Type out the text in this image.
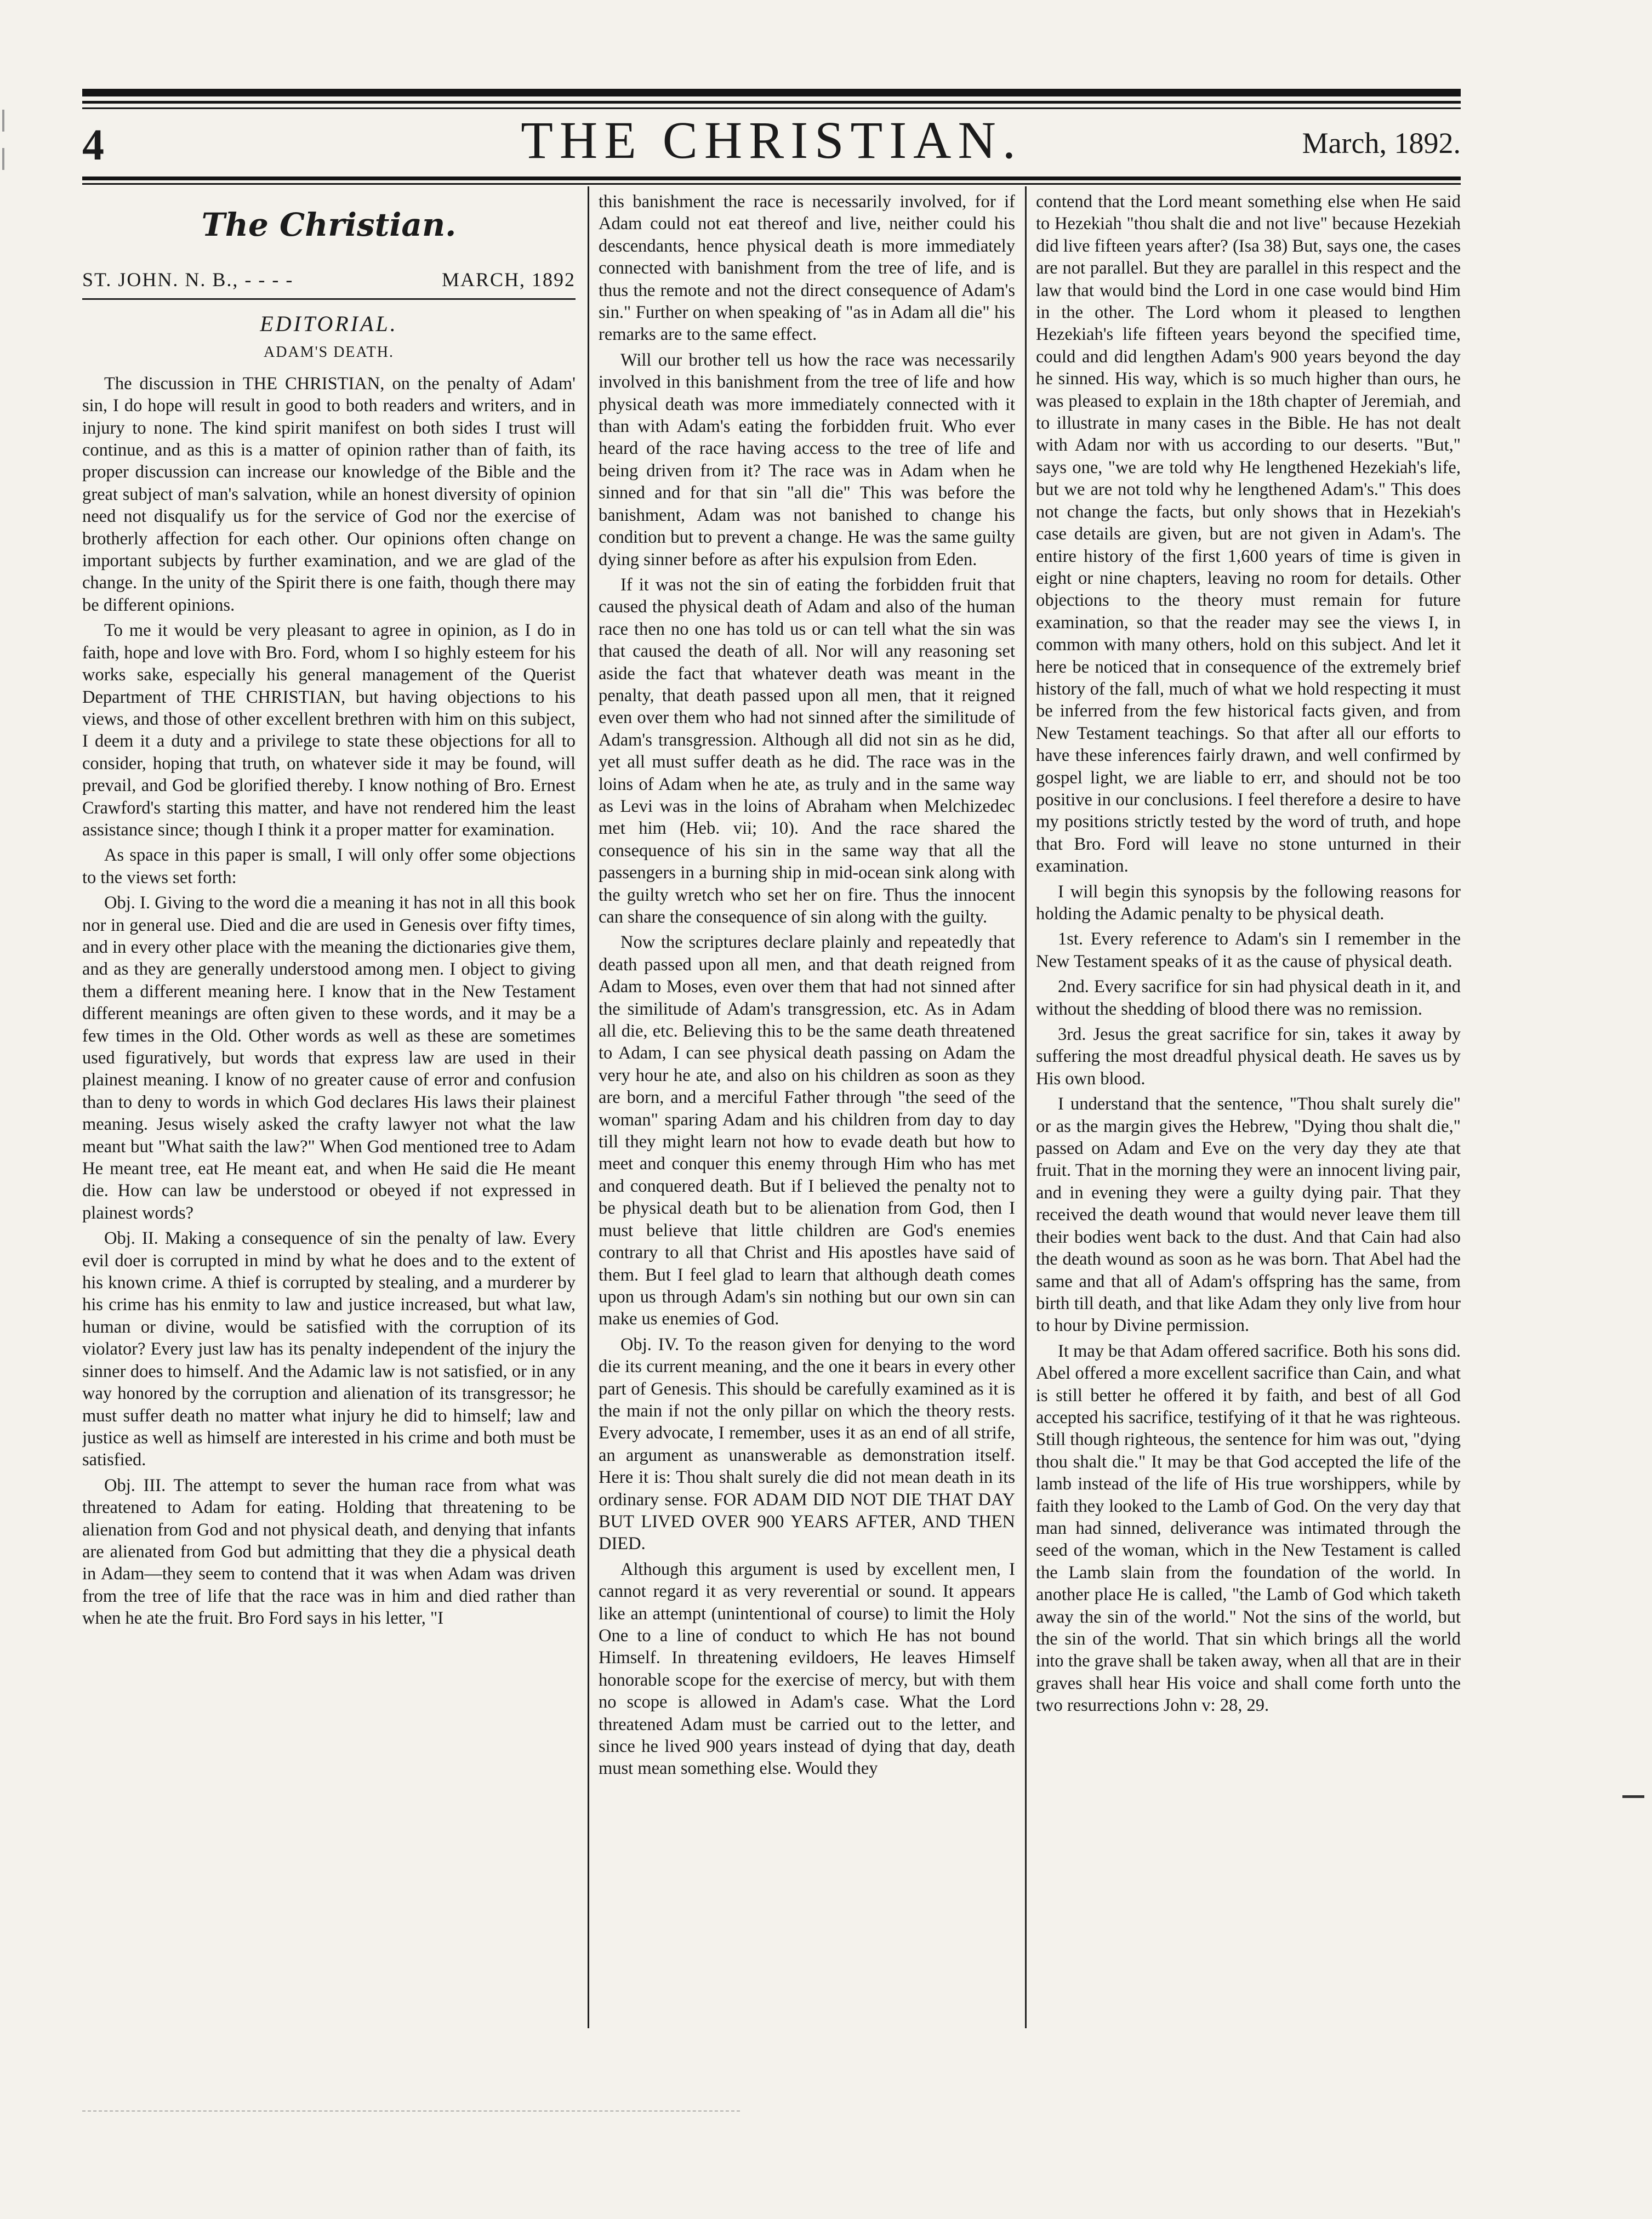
4	THE CHRISTIAN.	March, 1892.
The Christian.
ST. JOHN. N. B., - - - -	MARCH, 1892
EDITORIAL.
ADAM'S DEATH.

The discussion in THE CHRISTIAN, on the penalty of Adam' sin, I do hope will result in good to both readers and writers, and in injury to none. The kind spirit manifest on both sides I trust will continue, and as this is a matter of opinion rather than of faith, its proper discussion can increase our knowledge of the Bible and the great subject of man's salvation, while an honest diversity of opinion need not disqualify us for the service of God nor the exercise of brotherly affection for each other. Our opinions often change on important subjects by further examination, and we are glad of the change. In the unity of the Spirit there is one faith, though there may be different opinions.

To me it would be very pleasant to agree in opinion, as I do in faith, hope and love with Bro. Ford, whom I so highly esteem for his works sake, especially his general management of the Querist Department of THE CHRISTIAN, but having objections to his views, and those of other excellent brethren with him on this subject, I deem it a duty and a privilege to state these objections for all to consider, hoping that truth, on whatever side it may be found, will prevail, and God be glorified thereby. I know nothing of Bro. Ernest Crawford's starting this matter, and have not rendered him the least assistance since; though I think it a proper matter for examination.

As space in this paper is small, I will only offer some objections to the views set forth:

Obj. I. Giving to the word die a meaning it has not in all this book nor in general use. Died and die are used in Genesis over fifty times, and in every other place with the meaning the dictionaries give them, and as they are generally understood among men. I object to giving them a different meaning here. I know that in the New Testament different meanings are often given to these words, and it may be a few times in the Old. Other words as well as these are sometimes used figuratively, but words that express law are used in their plainest meaning. I know of no greater cause of error and confusion than to deny to words in which God declares His laws their plainest meaning. Jesus wisely asked the crafty lawyer not what the law meant but "What saith the law?" When God mentioned tree to Adam He meant tree, eat He meant eat, and when He said die He meant die. How can law be understood or obeyed if not expressed in plainest words?

Obj. II. Making a consequence of sin the penalty of law. Every evil doer is corrupted in mind by what he does and to the extent of his known crime. A thief is corrupted by stealing, and a murderer by his crime has his enmity to law and justice increased, but what law, human or divine, would be satisfied with the corruption of its violator? Every just law has its penalty independent of the injury the sinner does to himself. And the Adamic law is not satisfied, or in any way honored by the corruption and alienation of its transgressor; he must suffer death no matter what injury he did to himself; law and justice as well as himself are interested in his crime and both must be satisfied.

Obj. III. The attempt to sever the human race from what was threatened to Adam for eating. Holding that threatening to be alienation from God and not physical death, and denying that infants are alienated from God but admitting that they die a physical death in Adam—they seem to contend that it was when Adam was driven from the tree of life that the race was in him and died rather than when he ate the fruit. Bro Ford says in his letter, "I

this banishment the race is necessarily involved, for if Adam could not eat thereof and live, neither could his descendants, hence physical death is more immediately connected with banishment from the tree of life, and is thus the remote and not the direct consequence of Adam's sin." Further on when speaking of "as in Adam all die" his remarks are to the same effect.

Will our brother tell us how the race was necessarily involved in this banishment from the tree of life and how physical death was more immediately connected with it than with Adam's eating the forbidden fruit. Who ever heard of the race having access to the tree of life and being driven from it? The race was in Adam when he sinned and for that sin "all die" This was before the banishment, Adam was not banished to change his condition but to prevent a change. He was the same guilty dying sinner before as after his expulsion from Eden.

If it was not the sin of eating the forbidden fruit that caused the physical death of Adam and also of the human race then no one has told us or can tell what the sin was that caused the death of all. Nor will any reasoning set aside the fact that whatever death was meant in the penalty, that death passed upon all men, that it reigned even over them who had not sinned after the similitude of Adam's transgression. Although all did not sin as he did, yet all must suffer death as he did. The race was in the loins of Adam when he ate, as truly and in the same way as Levi was in the loins of Abraham when Melchizedec met him (Heb. vii; 10). And the race shared the consequence of his sin in the same way that all the passengers in a burning ship in mid-ocean sink along with the guilty wretch who set her on fire. Thus the innocent can share the consequence of sin along with the guilty.

Now the scriptures declare plainly and repeatedly that death passed upon all men, and that death reigned from Adam to Moses, even over them that had not sinned after the similitude of Adam's transgression, etc. As in Adam all die, etc. Believing this to be the same death threatened to Adam, I can see physical death passing on Adam the very hour he ate, and also on his children as soon as they are born, and a merciful Father through "the seed of the woman" sparing Adam and his children from day to day till they might learn not how to evade death but how to meet and conquer this enemy through Him who has met and conquered death. But if I believed the penalty not to be physical death but to be alienation from God, then I must believe that little children are God's enemies contrary to all that Christ and His apostles have said of them. But I feel glad to learn that although death comes upon us through Adam's sin nothing but our own sin can make us enemies of God.

Obj. IV. To the reason given for denying to the word die its current meaning, and the one it bears in every other part of Genesis. This should be carefully examined as it is the main if not the only pillar on which the theory rests. Every advocate, I remember, uses it as an end of all strife, an argument as unanswerable as demonstration itself. Here it is: Thou shalt surely die did not mean death in its ordinary sense. FOR ADAM DID NOT DIE THAT DAY BUT LIVED OVER 900 YEARS AFTER, AND THEN DIED.

Although this argument is used by excellent men, I cannot regard it as very reverential or sound. It appears like an attempt (unintentional of course) to limit the Holy One to a line of conduct to which He has not bound Himself. In threatening evildoers, He leaves Himself honorable scope for the exercise of mercy, but with them no scope is allowed in Adam's case. What the Lord threatened Adam must be carried out to the letter, and since he lived 900 years instead of dying that day, death must mean something else. Would they

contend that the Lord meant something else when He said to Hezekiah "thou shalt die and not live" because Hezekiah did live fifteen years after? (Isa 38) But, says one, the cases are not parallel. But they are parallel in this respect and the law that would bind the Lord in one case would bind Him in the other. The Lord whom it pleased to lengthen Hezekiah's life fifteen years beyond the specified time, could and did lengthen Adam's 900 years beyond the day he sinned. His way, which is so much higher than ours, he was pleased to explain in the 18th chapter of Jeremiah, and to illustrate in many cases in the Bible. He has not dealt with Adam nor with us according to our deserts. "But," says one, "we are told why He lengthened Hezekiah's life, but we are not told why he lengthened Adam's." This does not change the facts, but only shows that in Hezekiah's case details are given, but are not given in Adam's. The entire history of the first 1,600 years of time is given in eight or nine chapters, leaving no room for details. Other objections to the theory must remain for future examination, so that the reader may see the views I, in common with many others, hold on this subject. And let it here be noticed that in consequence of the extremely brief history of the fall, much of what we hold respecting it must be inferred from the few historical facts given, and from New Testament teachings. So that after all our efforts to have these inferences fairly drawn, and well confirmed by gospel light, we are liable to err, and should not be too positive in our conclusions. I feel therefore a desire to have my positions strictly tested by the word of truth, and hope that Bro. Ford will leave no stone unturned in their examination.

I will begin this synopsis by the following reasons for holding the Adamic penalty to be physical death.

1st. Every reference to Adam's sin I remember in the New Testament speaks of it as the cause of physical death.

2nd. Every sacrifice for sin had physical death in it, and without the shedding of blood there was no remission.

3rd. Jesus the great sacrifice for sin, takes it away by suffering the most dreadful physical death. He saves us by His own blood.

I understand that the sentence, "Thou shalt surely die" or as the margin gives the Hebrew, "Dying thou shalt die," passed on Adam and Eve on the very day they ate that fruit. That in the morning they were an innocent living pair, and in evening they were a guilty dying pair. That they received the death wound that would never leave them till their bodies went back to the dust. And that Cain had also the death wound as soon as he was born. That Abel had the same and that all of Adam's offspring has the same, from birth till death, and that like Adam they only live from hour to hour by Divine permission.

It may be that Adam offered sacrifice. Both his sons did. Abel offered a more excellent sacrifice than Cain, and what is still better he offered it by faith, and best of all God accepted his sacrifice, testifying of it that he was righteous. Still though righteous, the sentence for him was out, "dying thou shalt die." It may be that God accepted the life of the lamb instead of the life of His true worshippers, while by faith they looked to the Lamb of God. On the very day that man had sinned, deliverance was intimated through the seed of the woman, which in the New Testament is called the Lamb slain from the foundation of the world. In another place He is called, "the Lamb of God which taketh away the sin of the world." Not the sins of the world, but the sin of the world. That sin which brings all the world into the grave shall be taken away, when all that are in their graves shall hear His voice and shall come forth unto the two resurrections John v: 28, 29.
